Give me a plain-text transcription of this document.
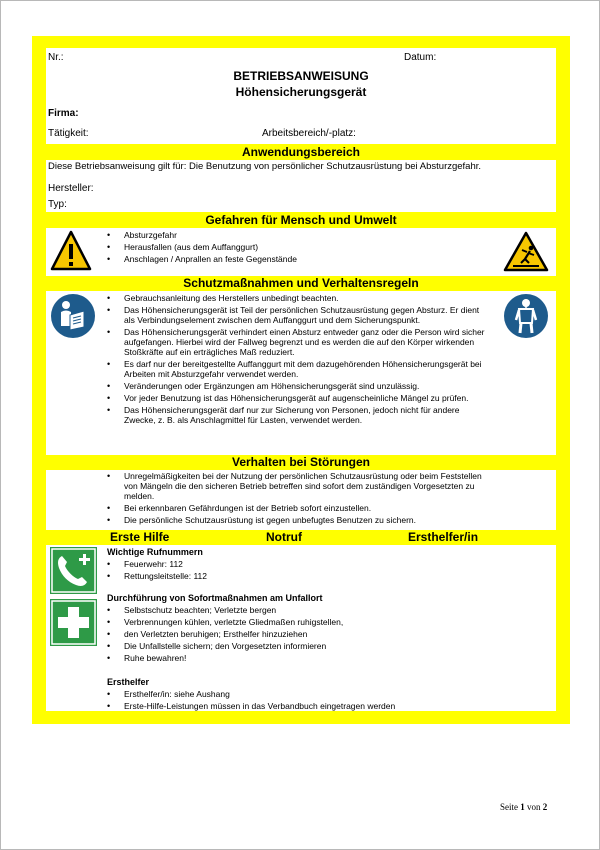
Nr.:	Datum:
BETRIEBSANWEISUNG
Höhensicherungsgerät
Firma:
Tätigkeit:	Arbeitsbereich/-platz:
Anwendungsbereich
Diese Betriebsanweisung gilt für: Die Benutzung von persönlicher Schutzausrüstung bei Absturzgefahr.
Hersteller:
Typ:
Gefahren für Mensch und Umwelt
• Absturzgefahr
• Herausfallen (aus dem Auffanggurt)
• Anschlagen / Anprallen an feste Gegenstände
Schutzmaßnahmen und Verhaltensregeln
• Gebrauchsanleitung des Herstellers unbedingt beachten.
• Das Höhensicherungsgerät ist Teil der persönlichen Schutzausrüstung gegen Absturz. Er dient als Verbindungselement zwischen dem Auffanggurt und dem Sicherungspunkt.
• Das Höhensicherungsgerät verhindert einen Absturz entweder ganz oder die Person wird sicher aufgefangen. Hierbei wird der Fallweg begrenzt und es werden die auf den Körper wirkenden Stoßkräfte auf ein erträgliches Maß reduziert.
• Es darf nur der bereitgestellte Auffanggurt mit dem dazugehörenden Höhensicherungsgerät bei Arbeiten mit Absturzgefahr verwendet werden.
• Veränderungen oder Ergänzungen am Höhensicherungsgerät sind unzulässig.
• Vor jeder Benutzung ist das Höhensicherungsgerät auf augenscheinliche Mängel zu prüfen.
• Das Höhensicherungsgerät darf nur zur Sicherung von Personen, jedoch nicht für andere Zwecke, z. B. als Anschlagmittel für Lasten, verwendet werden.
Verhalten bei Störungen
• Unregelmäßigkeiten bei der Nutzung der persönlichen Schutzausrüstung oder beim Feststellen von Mängeln die den sicheren Betrieb betreffen sind sofort dem zuständigen Vorgesetzten zu melden.
• Bei erkennbaren Gefährdungen ist der Betrieb sofort einzustellen.
• Die persönliche Schutzausrüstung ist gegen unbefugtes Benutzen zu sichern.
Erste Hilfe	Notruf	Ersthelfer/in
Wichtige Rufnummern
• Feuerwehr: 112
• Rettungsleitstelle: 112
Durchführung von Sofortmaßnahmen am Unfallort
• Selbstschutz beachten; Verletzte bergen
• Verbrennungen kühlen, verletzte Gliedmaßen ruhigstellen,
• den Verletzten beruhigen; Ersthelfer hinzuziehen
• Die Unfallstelle sichern; den Vorgesetzten informieren
• Ruhe bewahren!
Ersthelfer
• Ersthelfer/in: siehe Aushang
• Erste-Hilfe-Leistungen müssen in das Verbandbuch eingetragen werden
Seite 1 von 2
